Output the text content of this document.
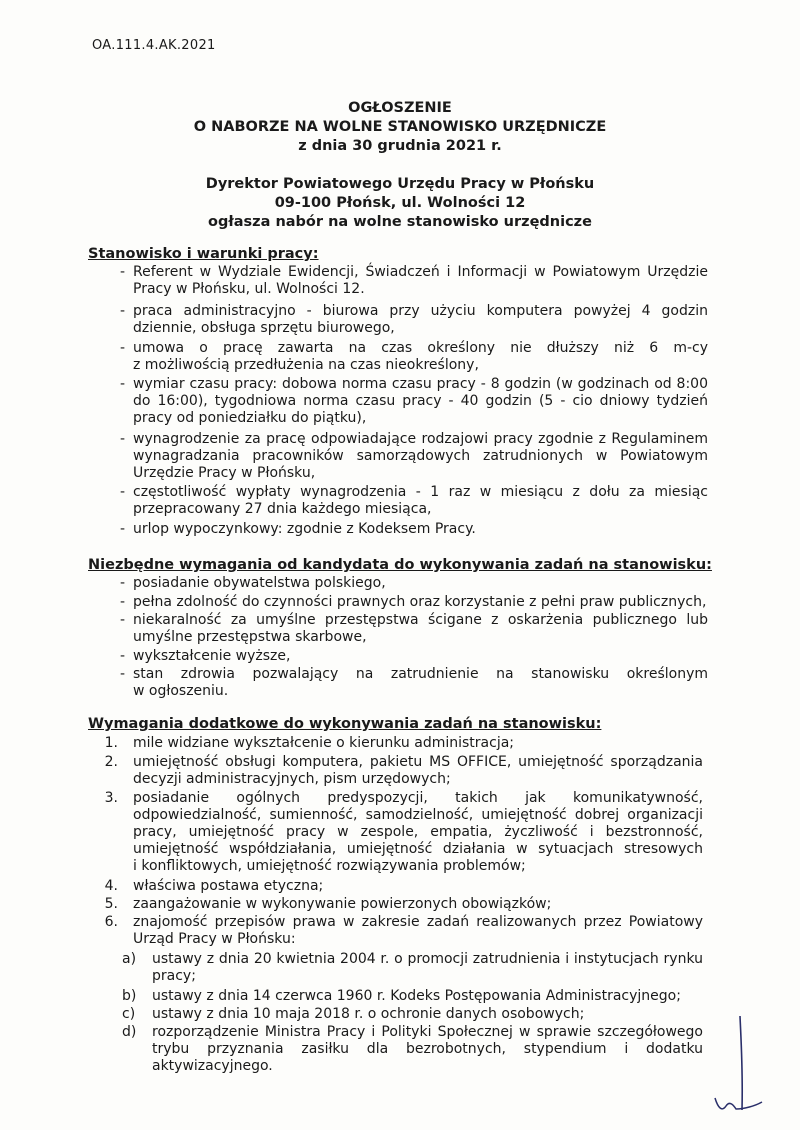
OA.111.4.AK.2021
OGŁOSZENIE
O NABORZE NA WOLNE STANOWISKO URZĘDNICZE
z dnia 30 grudnia 2021 r.
Dyrektor Powiatowego Urzędu Pracy w Płońsku
09-100 Płońsk, ul. Wolności 12
ogłasza nabór na wolne stanowisko urzędnicze
Stanowisko i warunki pracy:
- Referent w Wydziale Ewidencji, Świadczeń i Informacji w Powiatowym Urzędzie
Pracy w Płońsku, ul. Wolności 12.
- praca administracyjno - biurowa przy użyciu komputera powyżej 4 godzin
dziennie, obsługa sprzętu biurowego,
- umowa o pracę zawarta na czas określony nie dłuższy niż 6 m-cy
z możliwością przedłużenia na czas nieokreślony,
- wymiar czasu pracy: dobowa norma czasu pracy - 8 godzin (w godzinach od 8:00
do 16:00), tygodniowa norma czasu pracy - 40 godzin (5 - cio dniowy tydzień
pracy od poniedziałku do piątku),
- wynagrodzenie za pracę odpowiadające rodzajowi pracy zgodnie z Regulaminem
wynagradzania pracowników samorządowych zatrudnionych w Powiatowym
Urzędzie Pracy w Płońsku,
- częstotliwość wypłaty wynagrodzenia - 1 raz w miesiącu z dołu za miesiąc
przepracowany 27 dnia każdego miesiąca,
- urlop wypoczynkowy: zgodnie z Kodeksem Pracy.
Niezbędne wymagania od kandydata do wykonywania zadań na stanowisku:
- posiadanie obywatelstwa polskiego,
- pełna zdolność do czynności prawnych oraz korzystanie z pełni praw publicznych,
- niekaralność za umyślne przestępstwa ścigane z oskarżenia publicznego lub
umyślne przestępstwa skarbowe,
- wykształcenie wyższe,
- stan zdrowia pozwalający na zatrudnienie na stanowisku określonym
w ogłoszeniu.
Wymagania dodatkowe do wykonywania zadań na stanowisku:
1. mile widziane wykształcenie o kierunku administracja;
2. umiejętność obsługi komputera, pakietu MS OFFICE, umiejętność sporządzania
decyzji administracyjnych, pism urzędowych;
3. posiadanie ogólnych predyspozycji, takich jak komunikatywność,
odpowiedzialność, sumienność, samodzielność, umiejętność dobrej organizacji
pracy, umiejętność pracy w zespole, empatia, życzliwość i bezstronność,
umiejętność współdziałania, umiejętność działania w sytuacjach stresowych
i konfliktowych, umiejętność rozwiązywania problemów;
4. właściwa postawa etyczna;
5. zaangażowanie w wykonywanie powierzonych obowiązków;
6. znajomość przepisów prawa w zakresie zadań realizowanych przez Powiatowy
Urząd Pracy w Płońsku:
a) ustawy z dnia 20 kwietnia 2004 r. o promocji zatrudnienia i instytucjach rynku
pracy;
b) ustawy z dnia 14 czerwca 1960 r. Kodeks Postępowania Administracyjnego;
c) ustawy z dnia 10 maja 2018 r. o ochronie danych osobowych;
d) rozporządzenie Ministra Pracy i Polityki Społecznej w sprawie szczegółowego
trybu przyznania zasiłku dla bezrobotnych, stypendium i dodatku
aktywizacyjnego.
